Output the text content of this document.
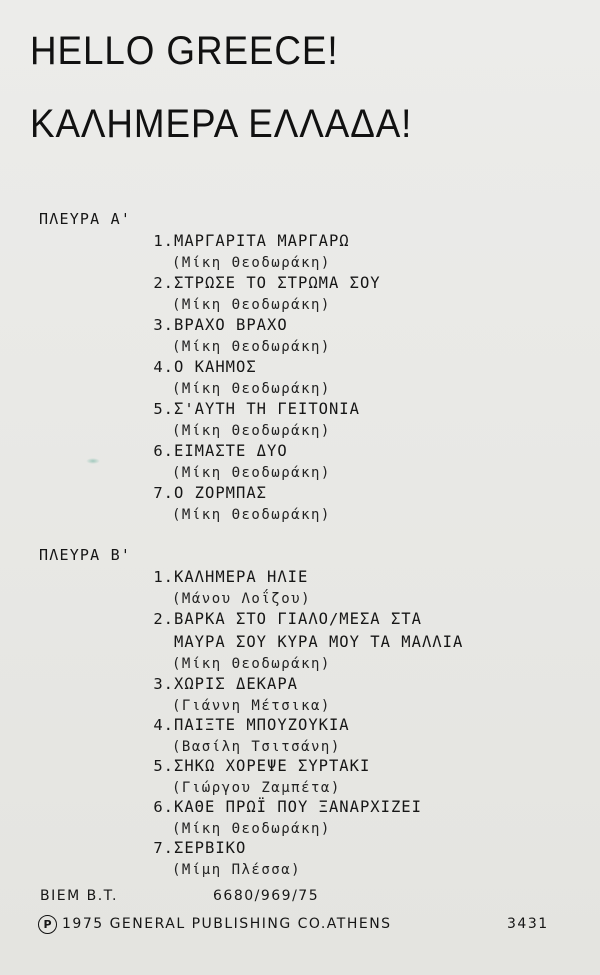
HELLO GREECE!
ΚΑΛΗΜΕΡΑ ΕΛΛΑΔΑ!
ΠΛΕΥΡΑ Α'
1.ΜΑΡΓΑΡΙΤΑ ΜΑΡΓΑΡΩ
(Μίκη Θεοδωράκη)
2.ΣΤΡΩΣΕ ΤΟ ΣΤΡΩΜΑ ΣΟΥ
(Μίκη Θεοδωράκη)
3.ΒΡΑΧΟ ΒΡΑΧΟ
(Μίκη Θεοδωράκη)
4.Ο ΚΑΗΜΟΣ
(Μίκη Θεοδωράκη)
5.Σ'ΑΥΤΗ ΤΗ ΓΕΙΤΟΝΙΑ
(Μίκη Θεοδωράκη)
6.ΕΙΜΑΣΤΕ ΔΥΟ
(Μίκη Θεοδωράκη)
7.Ο ΖΟΡΜΠΑΣ
(Μίκη Θεοδωράκη)
ΠΛΕΥΡΑ Β'
1.ΚΑΛΗΜΕΡΑ ΗΛΙΕ
(Μάνου Λοΐζου)
2.ΒΑΡΚΑ ΣΤΟ ΓΙΑΛΟ/ΜΕΣΑ ΣΤΑ
ΜΑΥΡΑ ΣΟΥ ΚΥΡΑ ΜΟΥ ΤΑ ΜΑΛΛΙΑ
(Μίκη Θεοδωράκη)
3.ΧΩΡΙΣ ΔΕΚΑΡΑ
(Γιάννη Μέτσικα)
4.ΠΑΙΞΤΕ ΜΠΟΥΖΟΥΚΙΑ
(Βασίλη Τσιτσάνη)
5.ΣΗΚΩ ΧΟΡΕΨΕ ΣΥΡΤΑΚΙ
(Γιώργου Ζαμπέτα)
6.ΚΑΘΕ ΠΡΩΪ ΠΟΥ ΞΑΝΑΡΧΙΖΕΙ
(Μίκη Θεοδωράκη)
7.ΣΕΡΒΙΚΟ
(Μίμη Πλέσσα)
BIEM B.T.	6680/969/75
P 1975 GENERAL PUBLISHING CO.ATHENS	3431
